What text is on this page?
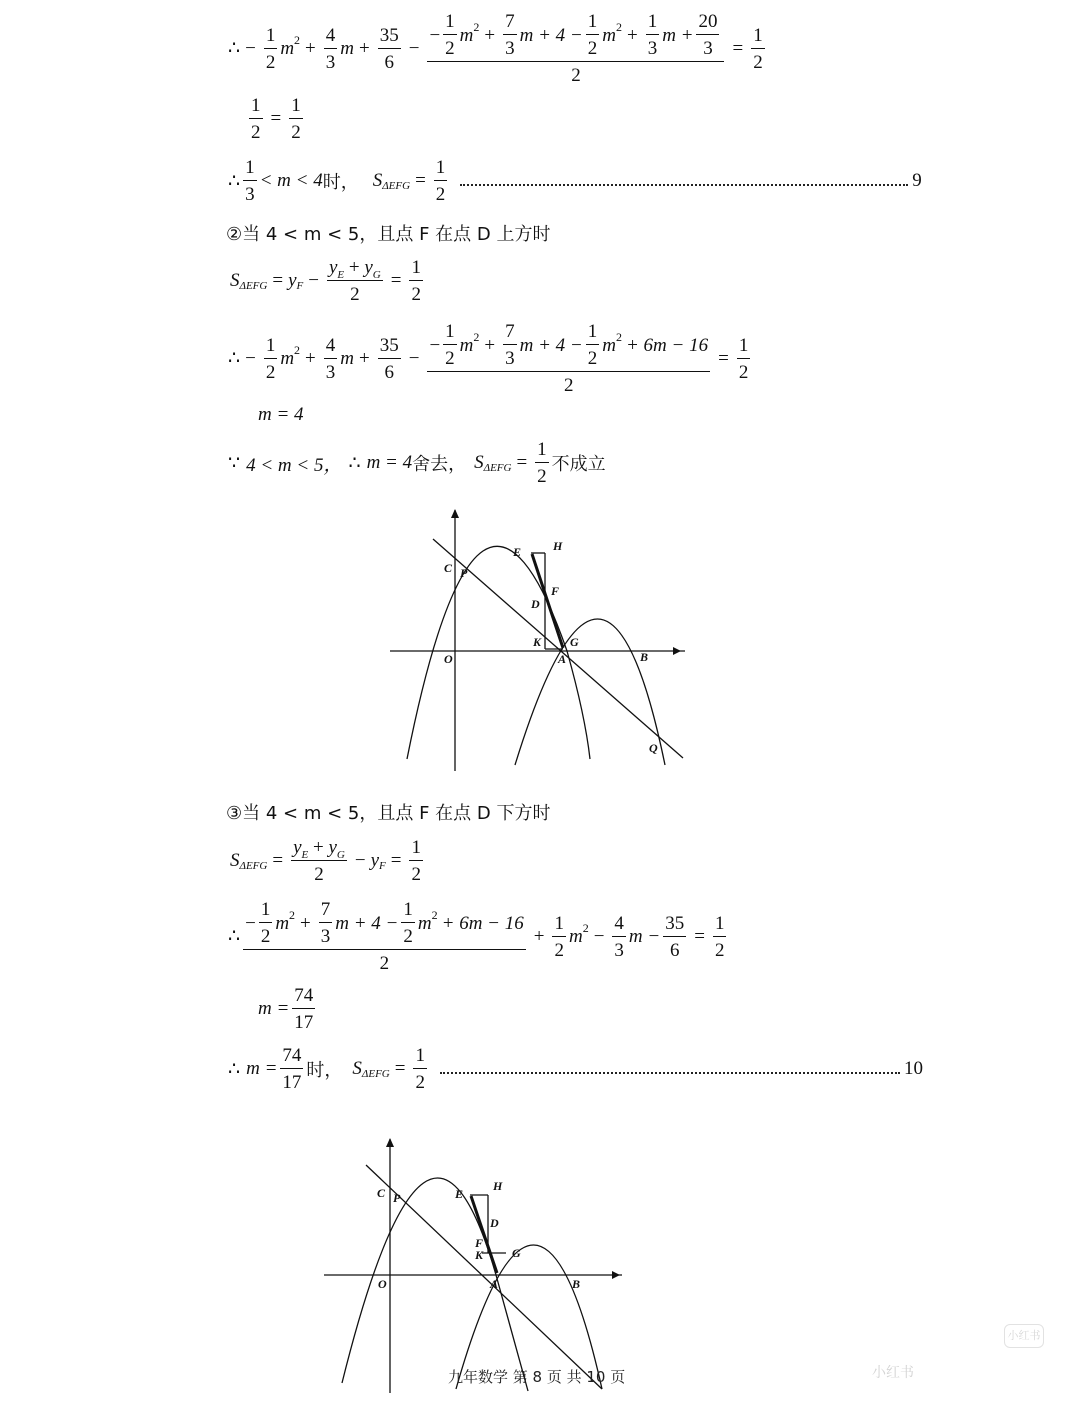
∴ − $\frac{1}{2}$ m $2 + \frac{4}{3}$ $m + \frac{35}{6}$ −
− $\frac{1}{2}$ m $2 + \frac{7}{3}$ $m + 4 - \frac{1}{2}$ m $2 + \frac{1}{3}$ $m + \frac{20}{3}$
2
= $\frac{1}{2}$
$\frac{1}{2} = \frac{1}{2}$
∴ $\frac{1}{3} < m < 4$ 时， S $\Delta EFG = \frac{1}{2}$	9
②当 4 < m < 5，且点 F 在点 D 上方时
S ΔEFG = y $F - \frac{y_E + y_G}{2} = \frac{1}{2}$
∴ − $\frac{1}{2}$ m $2 + \frac{4}{3}$ $m + \frac{35}{6}$ −
− $\frac{1}{2}$ m $2 + \frac{7}{3}$ $m + 4 - \frac{1}{2}$ m 2 + 6m − 16
2
= $\frac{1}{2}$
m = 4
∵ 4 < m < 5， ∴ m = 4 舍去， S $\Delta EFG = \frac{1}{2}$ 不成立
E	H
C P
F
D
K G
O	A	B
Q
③当 4 < m < 5，且点 F 在点 D 下方时
S $\Delta EFG = \frac{y_E + y_G}{2} - y$ $F = \frac{1}{2}$
∴
− $\frac{1}{2}$ m $2 + \frac{7}{3}$ $m + 4 - \frac{1}{2}$ m 2 + 6m − 16
2
+ $\frac{1}{2}$ m $2 - \frac{4}{3}$ $m - \frac{35}{6} = \frac{1}{2}$
$m = \frac{74}{17}$
∴ $m = \frac{74}{17}$ 时， S $\Delta EFG = \frac{1}{2}$	10
E
H
C P
D
F
K G
O	A	B
九年数学 第 8 页 共 10 页	小红书
小红书
